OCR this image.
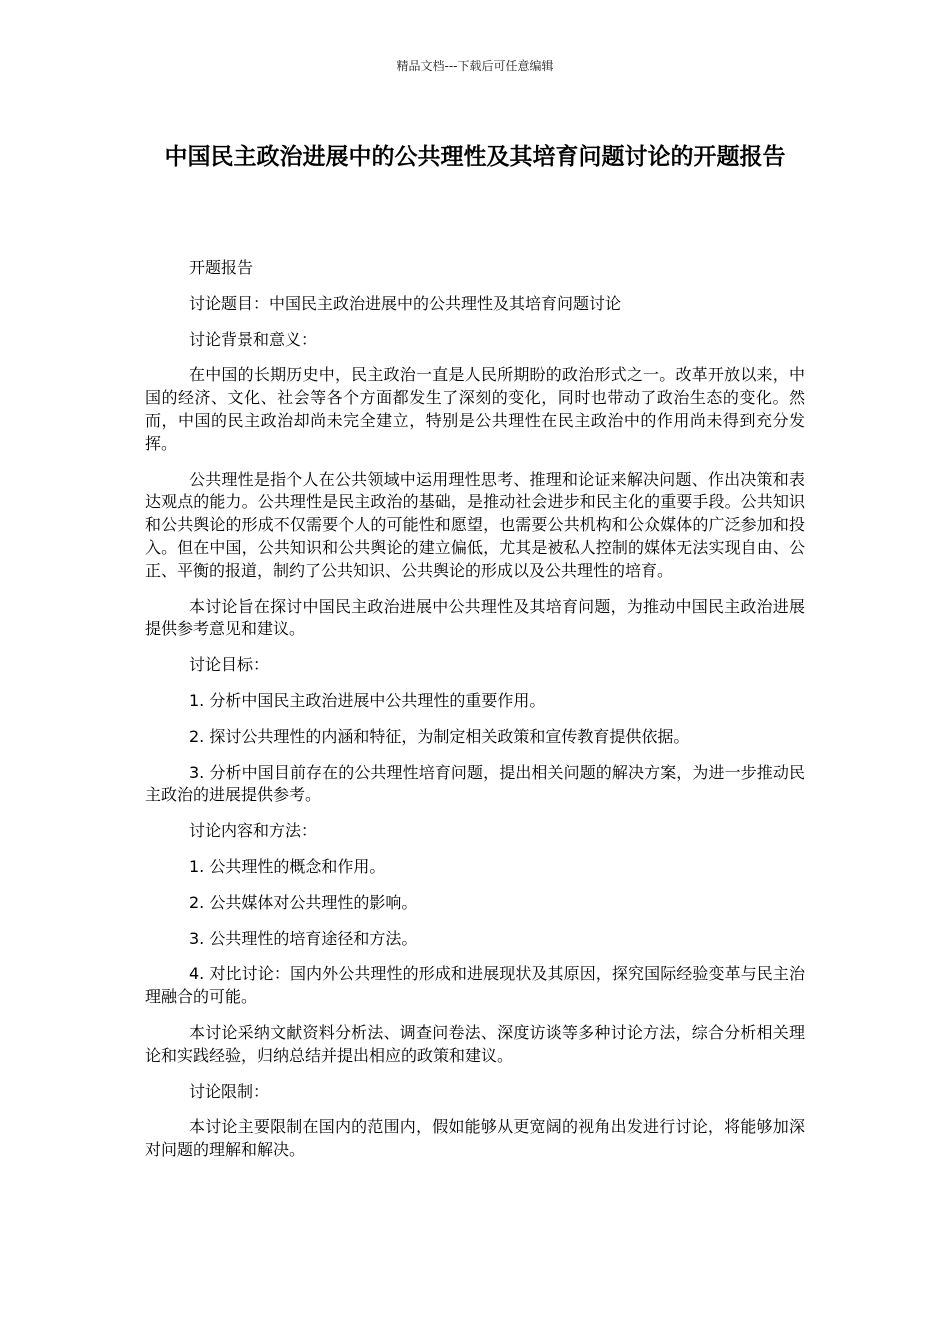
精品文档---下载后可任意编辑
中国民主政治进展中的公共理性及其培育问题讨论的开题报告

开题报告

讨论题目：中国民主政治进展中的公共理性及其培育问题讨论

讨论背景和意义：

在中国的长期历史中，民主政治一直是人民所期盼的政治形式之一。改革开放以来，中国的经济、文化、社会等各个方面都发生了深刻的变化，同时也带动了政治生态的变化。然而，中国的民主政治却尚未完全建立，特别是公共理性在民主政治中的作用尚未得到充分发挥。

公共理性是指个人在公共领域中运用理性思考、推理和论证来解决问题、作出决策和表达观点的能力。公共理性是民主政治的基础，是推动社会进步和民主化的重要手段。公共知识和公共舆论的形成不仅需要个人的可能性和愿望，也需要公共机构和公众媒体的广泛参加和投入。但在中国，公共知识和公共舆论的建立偏低，尤其是被私人控制的媒体无法实现自由、公正、平衡的报道，制约了公共知识、公共舆论的形成以及公共理性的培育。

本讨论旨在探讨中国民主政治进展中公共理性及其培育问题，为推动中国民主政治进展提供参考意见和建议。

讨论目标：

1. 分析中国民主政治进展中公共理性的重要作用。

2. 探讨公共理性的内涵和特征，为制定相关政策和宣传教育提供依据。

3. 分析中国目前存在的公共理性培育问题，提出相关问题的解决方案，为进一步推动民主政治的进展提供参考。

讨论内容和方法：

1. 公共理性的概念和作用。

2. 公共媒体对公共理性的影响。

3. 公共理性的培育途径和方法。

4. 对比讨论：国内外公共理性的形成和进展现状及其原因，探究国际经验变革与民主治理融合的可能。

本讨论采纳文献资料分析法、调查问卷法、深度访谈等多种讨论方法，综合分析相关理论和实践经验，归纳总结并提出相应的政策和建议。

讨论限制：

本讨论主要限制在国内的范围内，假如能够从更宽阔的视角出发进行讨论，将能够加深对问题的理解和解决。
